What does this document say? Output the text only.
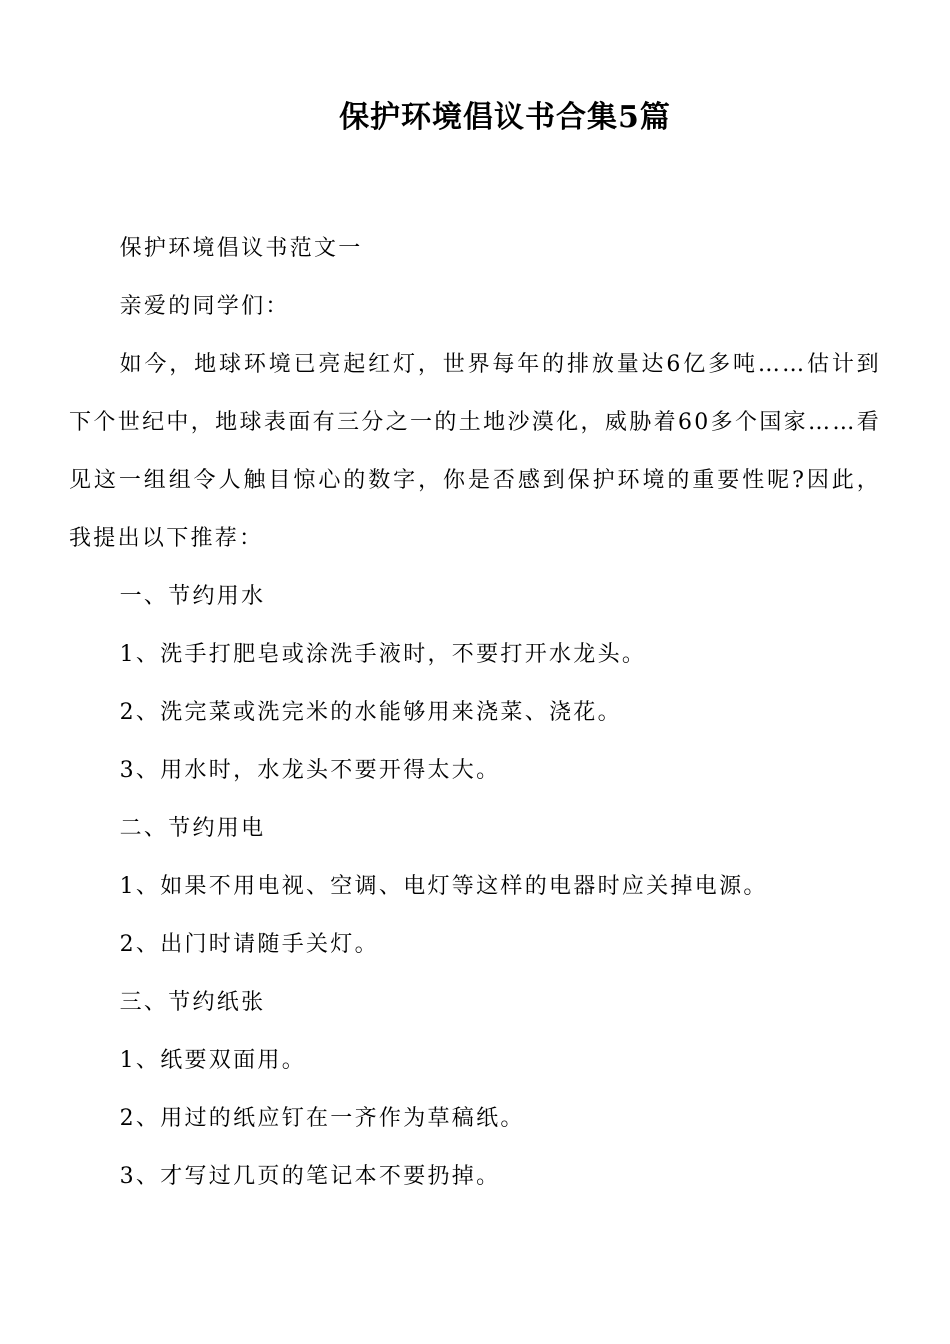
保护环境倡议书合集5篇

保护环境倡议书范文一

亲爱的同学们：

如今，地球环境已亮起红灯，世界每年的排放量达6亿多吨……估计到下个世纪中，地球表面有三分之一的土地沙漠化，威胁着60多个国家……看见这一组组令人触目惊心的数字，你是否感到保护环境的重要性呢?因此，我提出以下推荐：

一、节约用水

1、洗手打肥皂或涂洗手液时，不要打开水龙头。

2、洗完菜或洗完米的水能够用来浇菜、浇花。

3、用水时，水龙头不要开得太大。

二、节约用电

1、如果不用电视、空调、电灯等这样的电器时应关掉电源。

2、出门时请随手关灯。

三、节约纸张

1、纸要双面用。

2、用过的纸应钉在一齐作为草稿纸。

3、才写过几页的笔记本不要扔掉。
